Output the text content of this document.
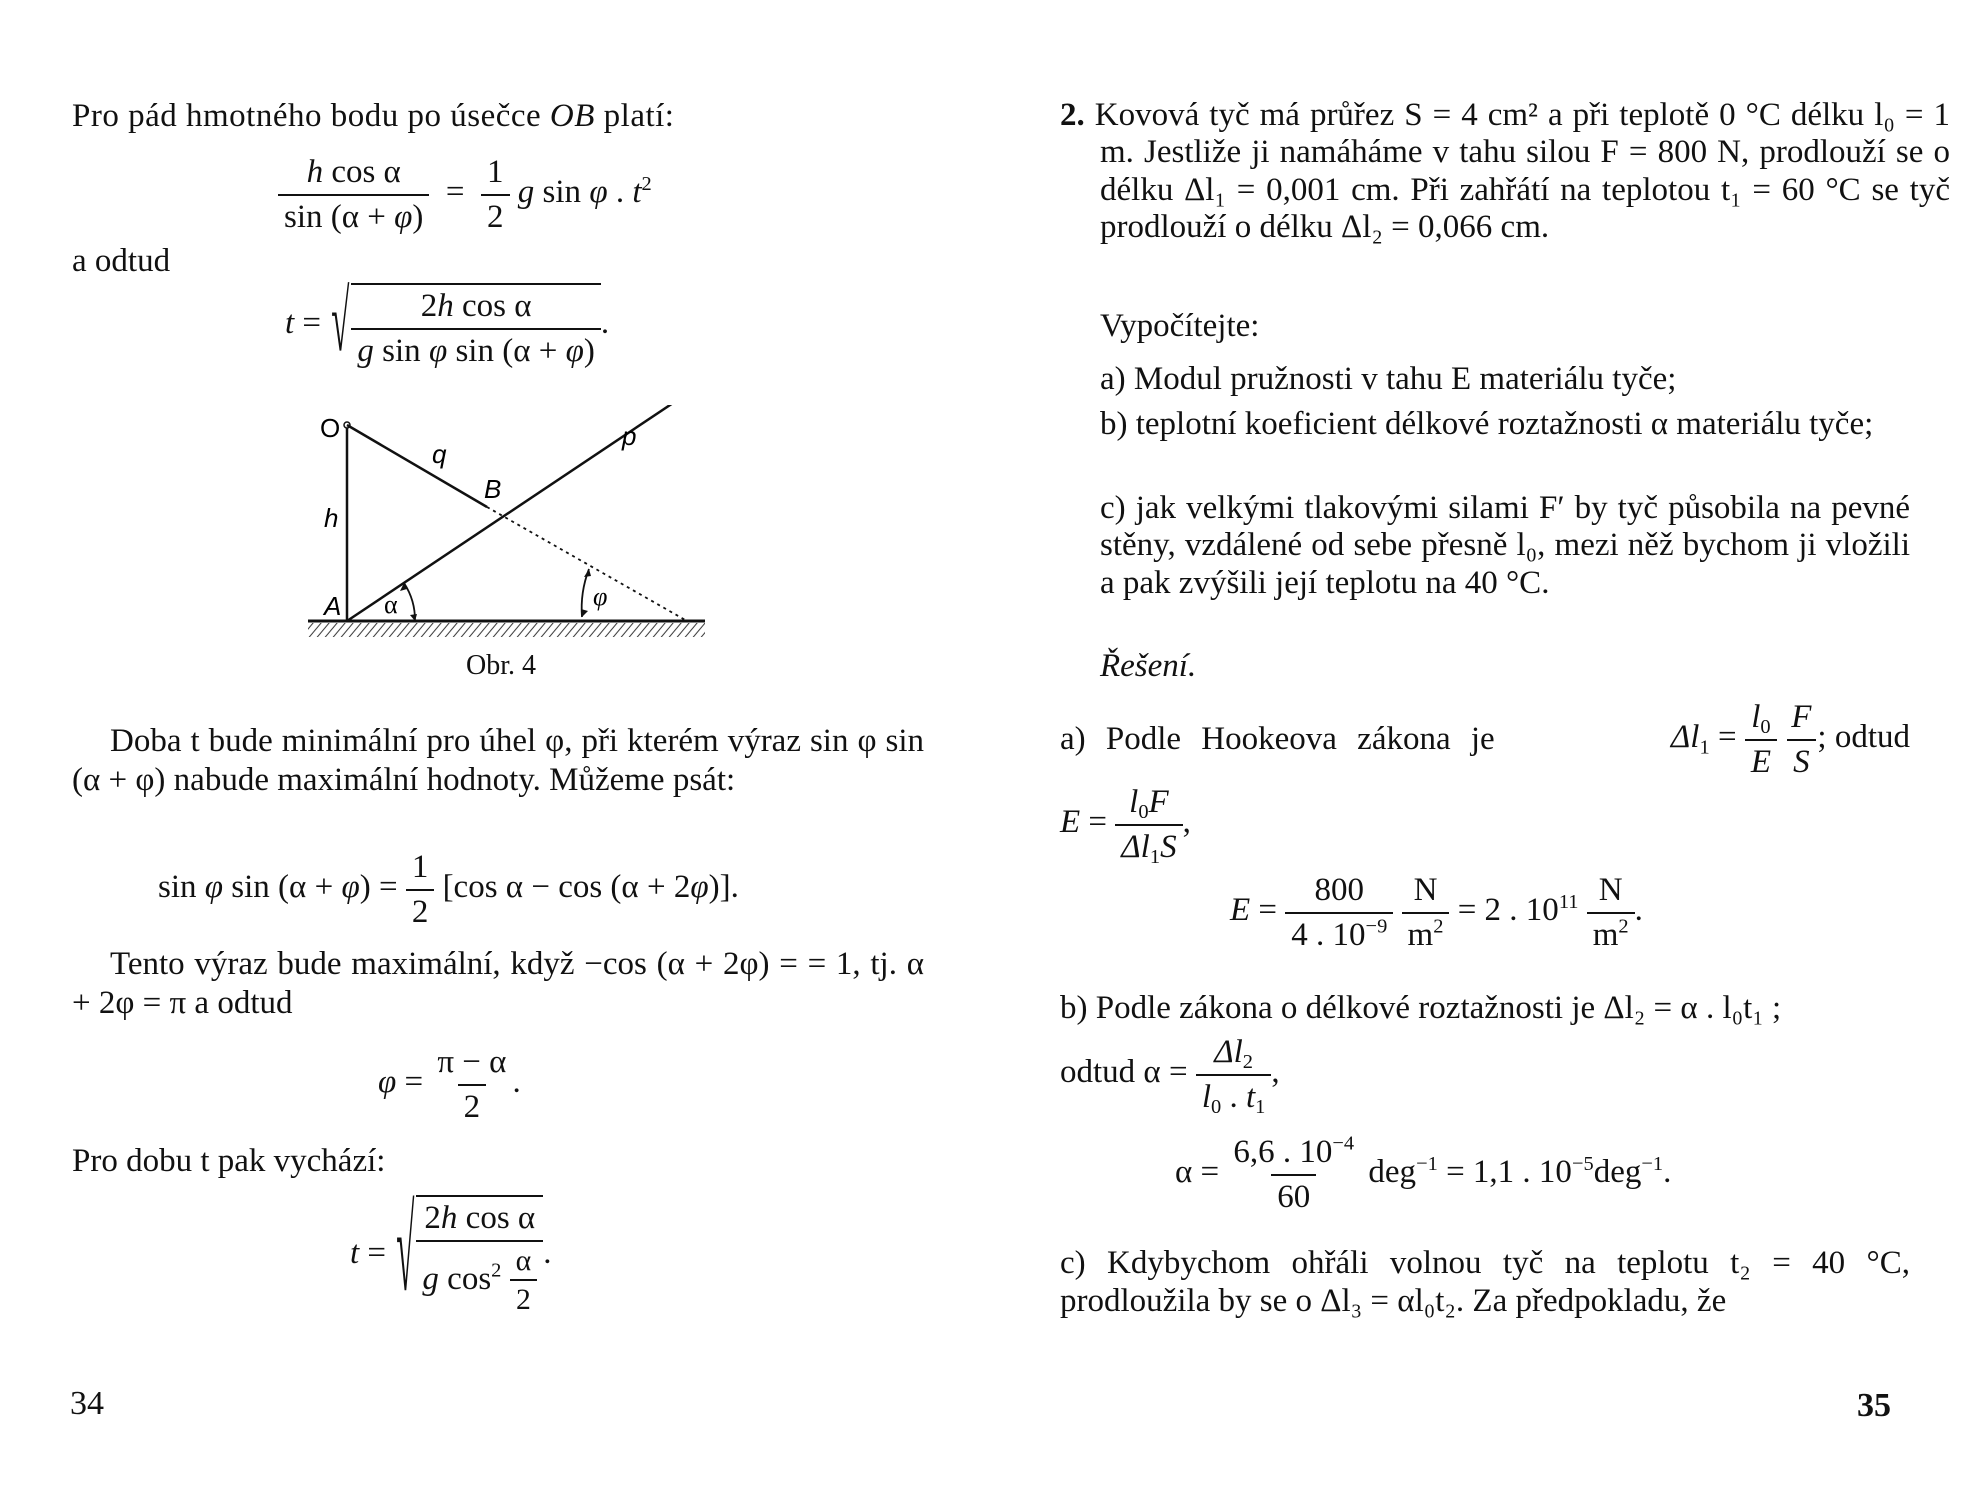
Pro pád hmotného bodu po úsečce OB platí:
$\frac{\text{h cos α}}{\sin (\alpha + \varphi)} = \frac{1}{2}$ g sin φ . $t^2$
a odtud
t = √ $\frac{\text{2h cos α}}{\text{g sin φ sin (α + φ)}}$ .
O
q
p
B
h
A α	φ
Obr. 4

Doba t bude minimální pro úhel φ, při kterém výraz sin φ sin (α + φ) nabude maximální hodnoty. Můžeme psát:

sin φ $\sin (\alpha + \varphi) = \frac{1}{2} [\cos$ α − cos (α + 2φ)].

Tento výraz bude maximální, když −cos (α + 2φ) = = 1, tj. α + 2φ = π a odtud

$\varphi = \frac{\pi - \alpha}{2}$ .
Pro dobu t pak vychází:
t = √ $\frac{\text{2h cos α}}{g \cos^2 \frac{\alpha}{2}}$ .
34

2. Kovová tyč má průřez S = 4 cm² a při teplotě 0 °C délku l₀ = 1 m. Jestliže ji namáháme v tahu silou F = 800 N, prodlouží se o délku Δl₁ = 0,001 cm. Při zahřátí na teplotou t₁ = 60 °C se tyč prodlouží o délku Δl₂ = 0,066 cm.

Vypočítejte:

a) Modul pružnosti v tahu E materiálu tyče;

b) teplotní koeficient délkové roztažnosti α materiálu tyče;

c) jak velkými tlakovými silami F′ by tyč působila na pevné stěny, vzdálené od sebe přesně l₀, mezi něž bychom ji vložili a pak zvýšili její teplotu na 40 °C.

Řešení.
a) Podle Hookeova zákona je	$\Delta l_1 = \frac{l_0}{E}$
$\frac{F}{S}$ ; odtud
$E = \frac{l_0F}{\Delta l_1S}$ ,
$E = \frac{800}{4 . 10^{-9}}$
$\frac{N}{m^2} = 2$ . $10^{11} \frac{N}{m^2}$ .
b) Podle zákona o délkové roztažnosti je Δl₂ = α . l₀t₁ ;
odtud $\alpha = \frac{\Delta l_2}{l_0 . t_1}$ ,
$\alpha = \frac{6,6 . 10^{-4}}{60} deg^{-1} = 1,1$ . $10^{-5}deg^{-1}$.

c) Kdybychom ohřáli volnou tyč na teplotu t₂ = 40 °C, prodloužila by se o Δl₃ = αl₀t₂. Za předpokladu, že

35
